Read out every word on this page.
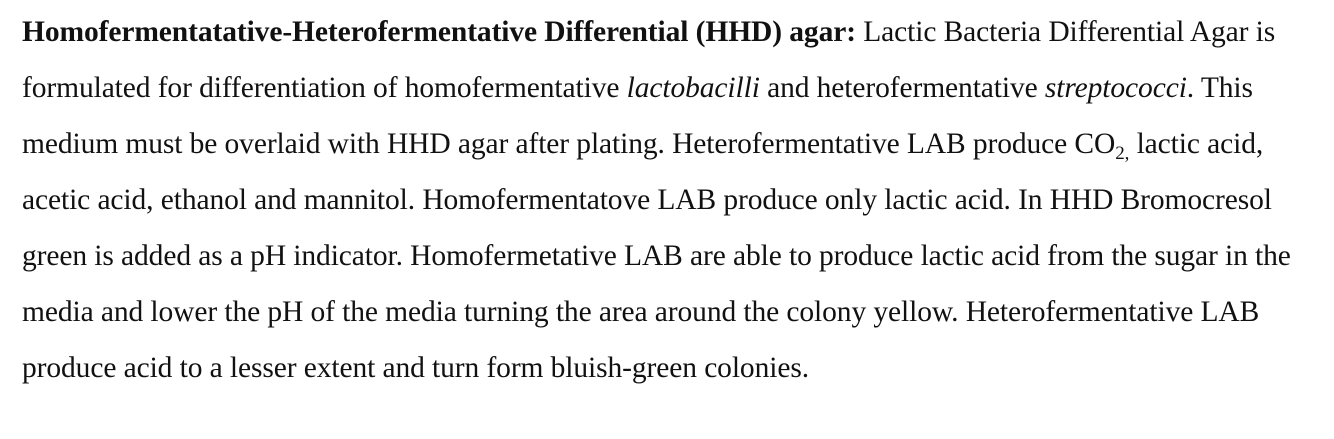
Homofermentatative-Heterofermentative Differential (HHD) agar: Lactic Bacteria Differential Agar is formulated for differentiation of homofermentative lactobacilli and heterofermentative streptococci. This medium must be overlaid with HHD agar after plating. Heterofermentative LAB produce $CO_{2,}$ lactic acid, acetic acid, ethanol and mannitol. Homofermentatove LAB produce only lactic acid. In HHD Bromocresol green is added as a pH indicator. Homofermetative LAB are able to produce lactic acid from the sugar in the media and lower the pH of the media turning the area around the colony yellow. Heterofermentative LAB produce acid to a lesser extent and turn form bluish-green colonies.
